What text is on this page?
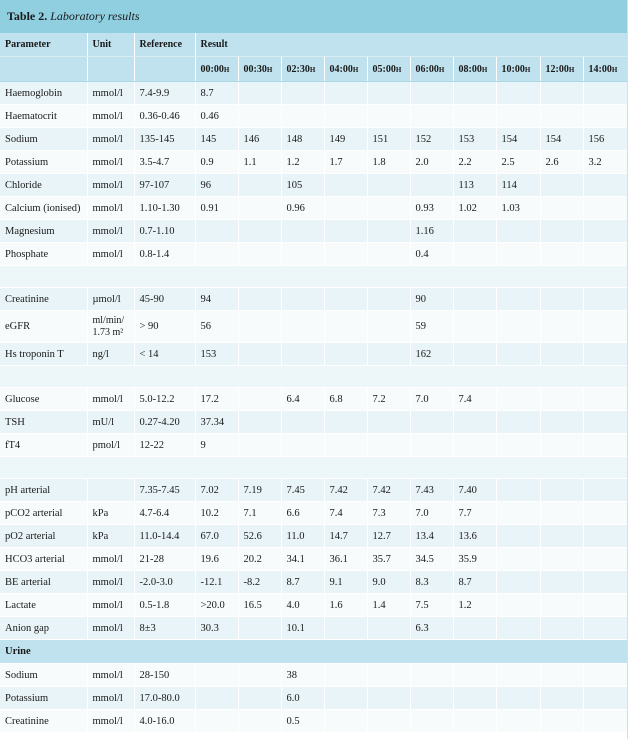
Table 2. Laboratory results
Parameter	Unit	Reference	Result									
			00:00h	00:30h	02:30h	04:00h	05:00h	06:00h	08:00h	10:00h	12:00h	14:00h
Haemoglobin	mmol/l	7.4-9.9	8.7									
Haematocrit	mmol/l	0.36-0.46	0.46									
Sodium	mmol/l	135-145	145	146	148	149	151	152	153	154	154	156
Potassium	mmol/l	3.5-4.7	0.9	1.1	1.2	1.7	1.8	2.0	2.2	2.5	2.6	3.2
Chloride	mmol/l	97-107	96		105				113	114		
Calcium (ionised)	mmol/l	1.10-1.30	0.91		0.96			0.93	1.02	1.03		
Magnesium	mmol/l	0.7-1.10						1.16				
Phosphate	mmol/l	0.8-1.4						0.4				

Creatinine	µmol/l	45-90	94					90				
eGFR	ml/min/ 1.73 m²	> 90	56					59				
Hs troponin T	ng/l	< 14	153					162				

Glucose	mmol/l	5.0-12.2	17.2		6.4	6.8	7.2	7.0	7.4			
TSH	mU/l	0.27-4.20	37.34									
fT4	pmol/l	12-22	9									

pH arterial		7.35-7.45	7.02	7.19	7.45	7.42	7.42	7.43	7.40			
pCO2 arterial	kPa	4.7-6.4	10.2	7.1	6.6	7.4	7.3	7.0	7.7			
pO2 arterial	kPa	11.0-14.4	67.0	52.6	11.0	14.7	12.7	13.4	13.6			
HCO3 arterial	mmol/l	21-28	19.6	20.2	34.1	36.1	35.7	34.5	35.9			
BE arterial	mmol/l	-2.0-3.0	-12.1	-8.2	8.7	9.1	9.0	8.3	8.7			
Lactate	mmol/l	0.5-1.8	>20.0	16.5	4.0	1.6	1.4	7.5	1.2			
Anion gap	mmol/l	8±3	30.3		10.1			6.3				
Urine												
Sodium	mmol/l	28-150			38							
Potassium	mmol/l	17.0-80.0			6.0							
Creatinine	mmol/l	4.0-16.0			0.5							
